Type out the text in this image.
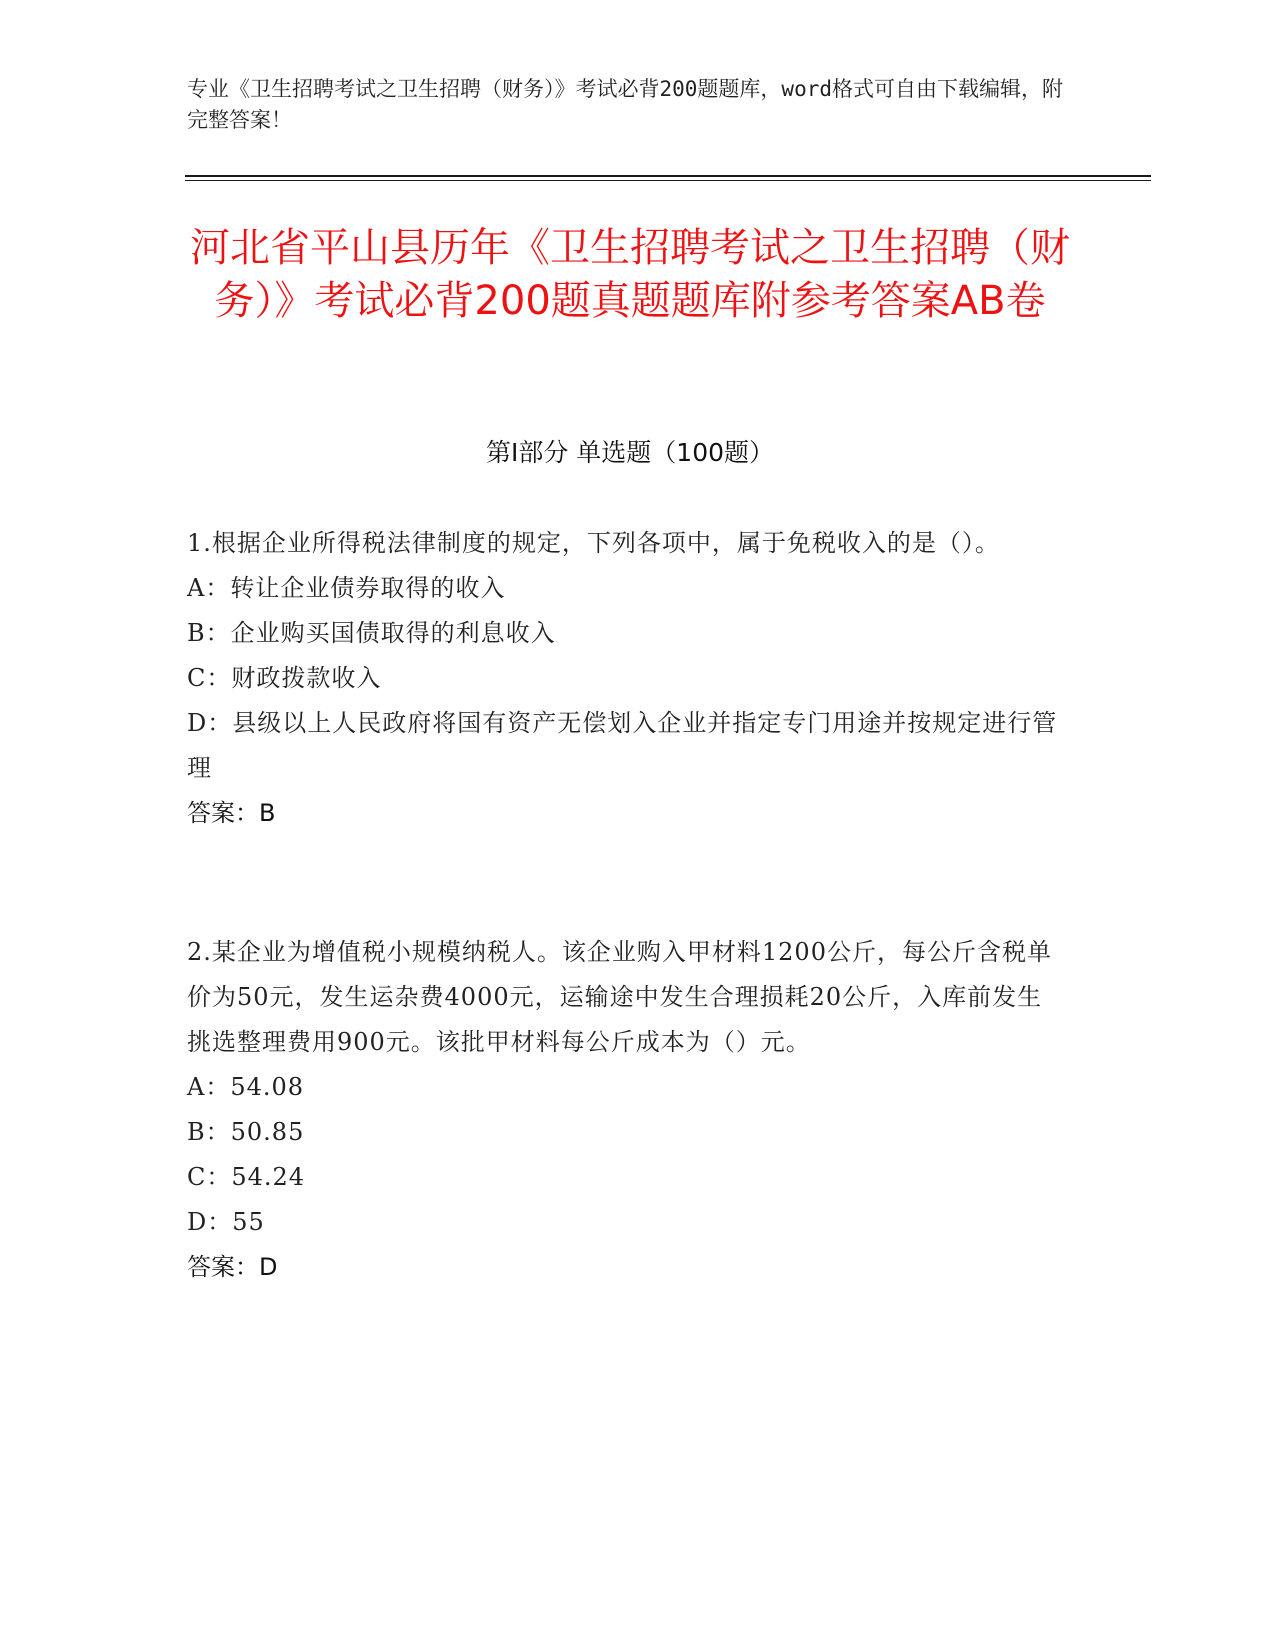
专业《卫生招聘考试之卫生招聘（财务）》考试必背200题题库，word格式可自由下载编辑，附完整答案！
河北省平山县历年《卫生招聘考试之卫生招聘（财务）》考试必背200题真题题库附参考答案AB卷
第Ⅰ部分 单选题（100题）
1.根据企业所得税法律制度的规定，下列各项中，属于免税收入的是（）。
A：转让企业债券取得的收入
B：企业购买国债取得的利息收入
C：财政拨款收入
D：县级以上人民政府将国有资产无偿划入企业并指定专门用途并按规定进行管理
答案：B
2.某企业为增值税小规模纳税人。该企业购入甲材料1200公斤，每公斤含税单价为50元，发生运杂费4000元，运输途中发生合理损耗20公斤，入库前发生挑选整理费用900元。该批甲材料每公斤成本为（）元。
A：54.08
B：50.85
C：54.24
D：55
答案：D
